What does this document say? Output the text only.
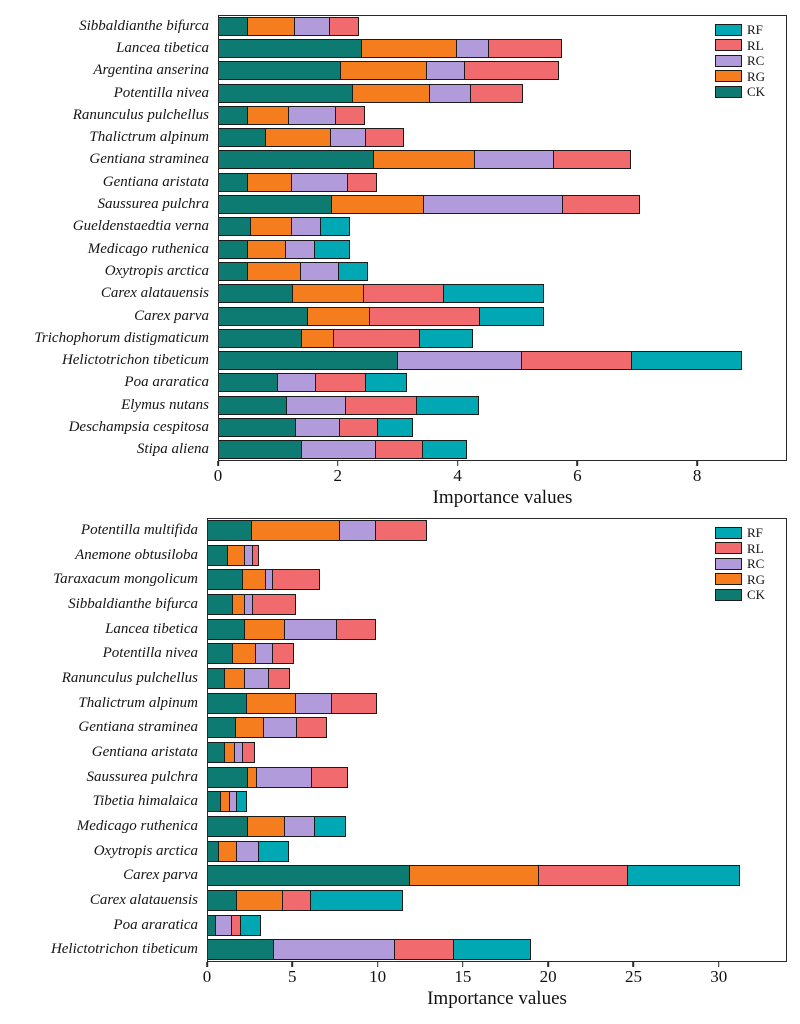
Sibbaldianthe bifurca
Lancea tibetica
Argentina anserina
Potentilla nivea
Ranunculus pulchellus
Thalictrum alpinum
Gentiana straminea
Gentiana aristata
Saussurea pulchra
Gueldenstaedtia verna
Medicago ruthenica
Oxytropis arctica
Carex alatauensis
Carex parva
Trichophorum distigmaticum
Helictotrichon tibeticum
Poa araratica
Elymus nutans
Deschampsia cespitosa
Stipa aliena
RF
RL
RC
RG
CK
0	2	4	6	8
Importance values
Potentilla multifida
Anemone obtusiloba
Taraxacum mongolicum
Sibbaldianthe bifurca
Lancea tibetica
Potentilla nivea
Ranunculus pulchellus
Thalictrum alpinum
Gentiana straminea
Gentiana aristata
Saussurea pulchra
Tibetia himalaica
Medicago ruthenica
Oxytropis arctica
Carex parva
Carex alatauensis
Poa araratica
Helictotrichon tibeticum
RF
RL
RC
RG
CK
0	5	10	15	20	25	30
Importance values
